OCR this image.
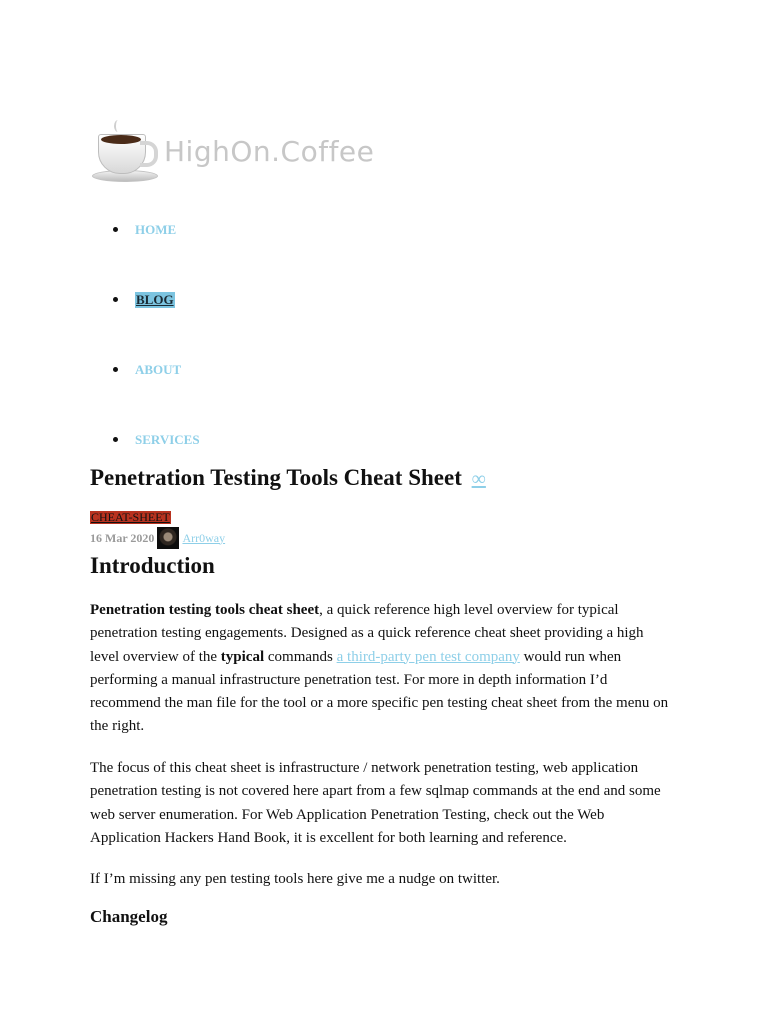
HighOn.Coffee
HOME
BLOG
ABOUT
SERVICES
Penetration Testing Tools Cheat Sheet ∞
CHEAT-SHEET
16 Mar 2020 Arr0way
Introduction

Penetration testing tools cheat sheet, a quick reference high level overview for typical penetration testing engagements. Designed as a quick reference cheat sheet providing a high level overview of the typical commands a third-party pen test company would run when performing a manual infrastructure penetration test. For more in depth information I’d recommend the man file for the tool or a more specific pen testing cheat sheet from the menu on the right.

The focus of this cheat sheet is infrastructure / network penetration testing, web application penetration testing is not covered here apart from a few sqlmap commands at the end and some web server enumeration. For Web Application Penetration Testing, check out the Web Application Hackers Hand Book, it is excellent for both learning and reference.

If I’m missing any pen testing tools here give me a nudge on twitter.

Changelog
